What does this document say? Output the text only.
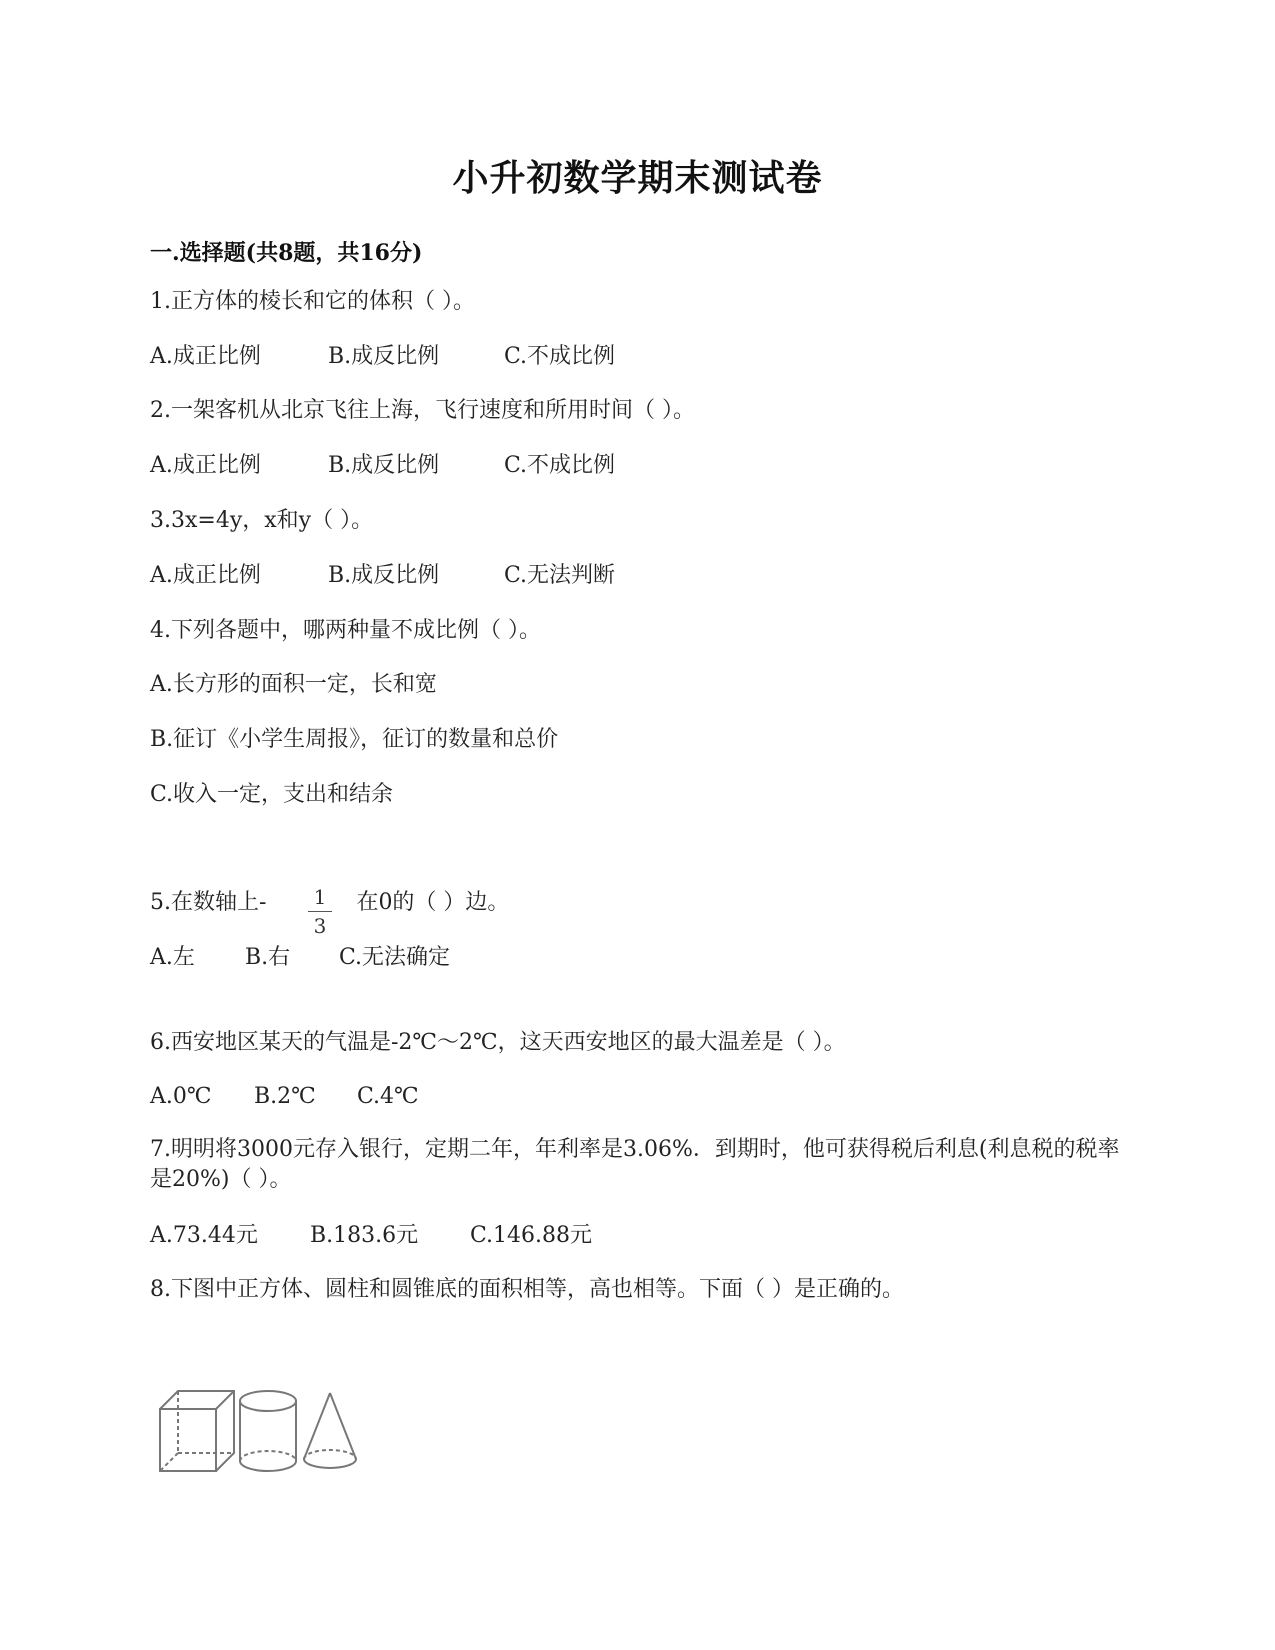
小升初数学期末测试卷
一.选择题(共8题，共16分)

1.正方体的棱长和它的体积（ ）。

A.成正比例	B.成反比例	C.不成比例

2.一架客机从北京飞往上海，飞行速度和所用时间（ ）。

A.成正比例	B.成反比例	C.不成比例

3.3x=4y，x和y（ ）。

A.成正比例	B.成反比例	C.无法判断

4.下列各题中，哪两种量不成比例（ ）。

A.长方形的面积一定，长和宽

B.征订《小学生周报》，征订的数量和总价

C.收入一定，支出和结余

5.在数轴上-	在0的（ ）边。

1
3

A.左 B.右 C.无法确定

6.西安地区某天的气温是-2℃～2℃，这天西安地区的最大温差是（ ）。

A.0℃ B.2℃ C.4℃

7.明明将3000元存入银行，定期二年，年利率是3.06%．到期时，他可获得税后利息(利息税的税率是20%)（ ）。

A.73.44元 B.183.6元 C.146.88元

8.下图中正方体、圆柱和圆锥底的面积相等，高也相等。下面（ ）是正确的。
